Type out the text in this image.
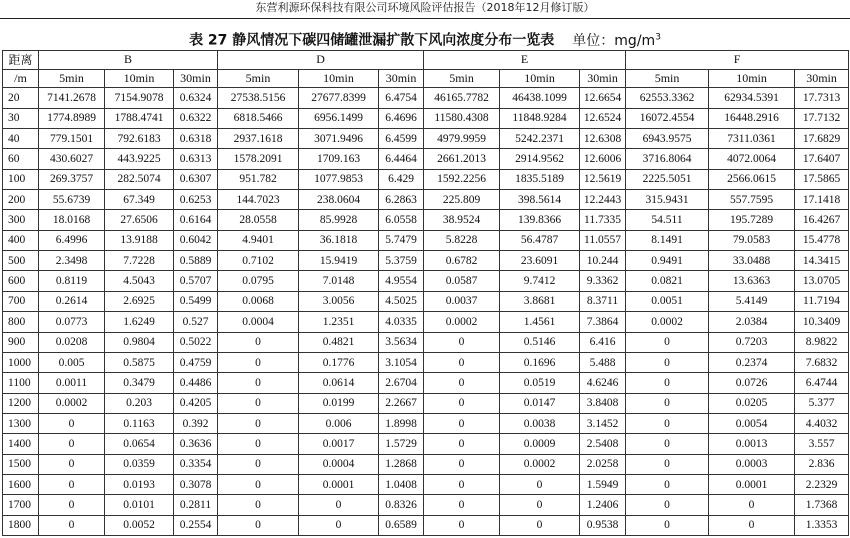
东营利源环保科技有限公司环境风险评估报告（2018年12月修订版）
表 27 静风情况下碳四储罐泄漏扩散下风向浓度分布一览表 单位：$mg/m^3$
距离	B			D			E			F		
/m	5min	10min	30min	5min	10min	30min	5min	10min	30min	5min	10min	30min
20	7141.2678	7154.9078	0.6324	27538.5156	27677.8399	6.4754	46165.7782	46438.1099	12.6654	62553.3362	62934.5391	17.7313
30	1774.8989	1788.4741	0.6322	6818.5466	6956.1499	6.4696	11580.4308	11848.9284	12.6524	16072.4554	16448.2916	17.7132
40	779.1501	792.6183	0.6318	2937.1618	3071.9496	6.4599	4979.9959	5242.2371	12.6308	6943.9575	7311.0361	17.6829
60	430.6027	443.9225	0.6313	1578.2091	1709.163	6.4464	2661.2013	2914.9562	12.6006	3716.8064	4072.0064	17.6407
100	269.3757	282.5074	0.6307	951.782	1077.9853	6.429	1592.2256	1835.5189	12.5619	2225.5051	2566.0615	17.5865
200	55.6739	67.349	0.6253	144.7023	238.0604	6.2863	225.809	398.5614	12.2443	315.9431	557.7595	17.1418
300	18.0168	27.6506	0.6164	28.0558	85.9928	6.0558	38.9524	139.8366	11.7335	54.511	195.7289	16.4267
400	6.4996	13.9188	0.6042	4.9401	36.1818	5.7479	5.8228	56.4787	11.0557	8.1491	79.0583	15.4778
500	2.3498	7.7228	0.5889	0.7102	15.9419	5.3759	0.6782	23.6091	10.244	0.9491	33.0488	14.3415
600	0.8119	4.5043	0.5707	0.0795	7.0148	4.9554	0.0587	9.7412	9.3362	0.0821	13.6363	13.0705
700	0.2614	2.6925	0.5499	0.0068	3.0056	4.5025	0.0037	3.8681	8.3711	0.0051	5.4149	11.7194
800	0.0773	1.6249	0.527	0.0004	1.2351	4.0335	0.0002	1.4561	7.3864	0.0002	2.0384	10.3409
900	0.0208	0.9804	0.5022	0	0.4821	3.5634	0	0.5146	6.416	0	0.7203	8.9822
1000	0.005	0.5875	0.4759	0	0.1776	3.1054	0	0.1696	5.488	0	0.2374	7.6832
1100	0.0011	0.3479	0.4486	0	0.0614	2.6704	0	0.0519	4.6246	0	0.0726	6.4744
1200	0.0002	0.203	0.4205	0	0.0199	2.2667	0	0.0147	3.8408	0	0.0205	5.377
1300	0	0.1163	0.392	0	0.006	1.8998	0	0.0038	3.1452	0	0.0054	4.4032
1400	0	0.0654	0.3636	0	0.0017	1.5729	0	0.0009	2.5408	0	0.0013	3.557
1500	0	0.0359	0.3354	0	0.0004	1.2868	0	0.0002	2.0258	0	0.0003	2.836
1600	0	0.0193	0.3078	0	0.0001	1.0408	0	0	1.5949	0	0.0001	2.2329
1700	0	0.0101	0.2811	0	0	0.8326	0	0	1.2406	0	0	1.7368
1800	0	0.0052	0.2554	0	0	0.6589	0	0	0.9538	0	0	1.3353
